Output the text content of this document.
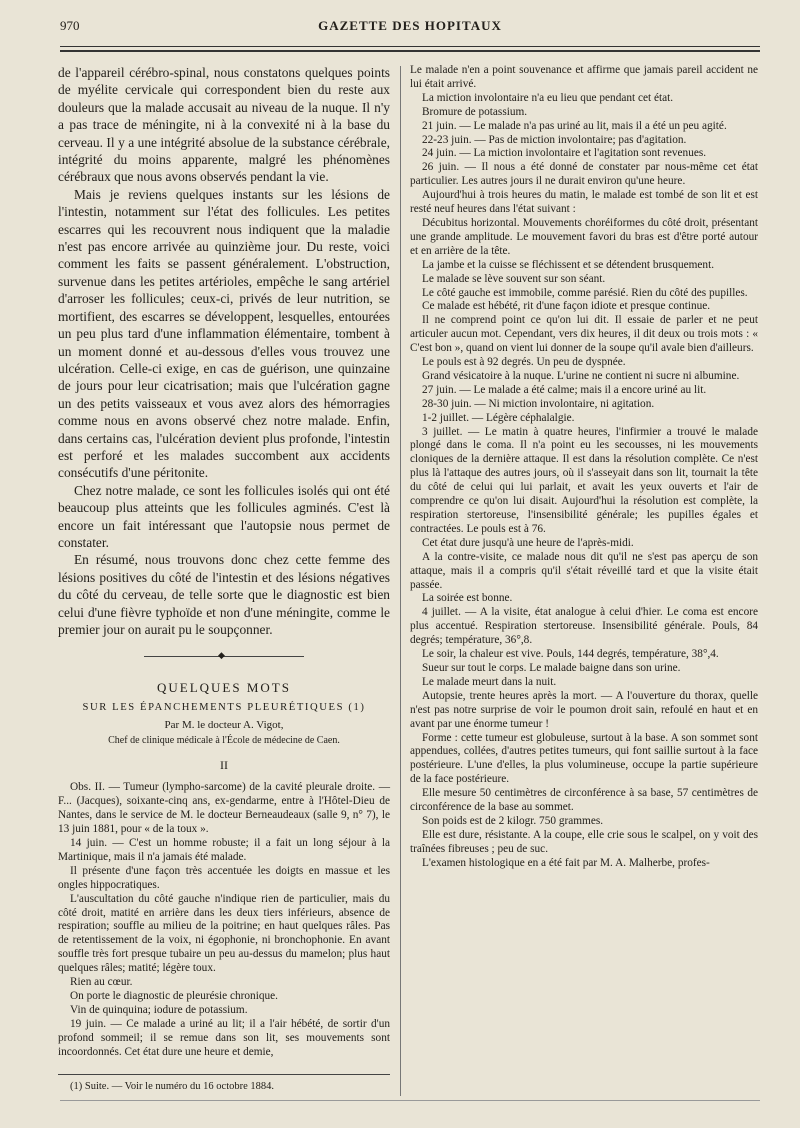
970	GAZETTE DES HOPITAUX

de l'appareil cérébro-spinal, nous constatons quelques points de myélite cervicale qui correspondent bien du reste aux douleurs que la malade accusait au niveau de la nuque. Il n'y a pas trace de méningite, ni à la convexité ni à la base du cerveau. Il y a une intégrité absolue de la substance cérébrale, intégrité du moins apparente, malgré les phénomènes cérébraux que nous avons observés pendant la vie.

Mais je reviens quelques instants sur les lésions de l'intestin, notamment sur l'état des follicules. Les petites escarres qui les recouvrent nous indiquent que la maladie n'est pas encore arrivée au quinzième jour. Du reste, voici comment les faits se passent généralement. L'obstruction, survenue dans les petites artérioles, empêche le sang artériel d'arroser les follicules; ceux-ci, privés de leur nutrition, se mortifient, des escarres se développent, lesquelles, entourées un peu plus tard d'une inflammation élémentaire, tombent à un moment donné et au-dessous d'elles vous trouvez une ulcération. Celle-ci exige, en cas de guérison, une quinzaine de jours pour leur cicatrisation; mais que l'ulcération gagne un des petits vaisseaux et vous avez alors des hémorragies comme nous en avons observé chez notre malade. Enfin, dans certains cas, l'ulcération devient plus profonde, l'intestin est perforé et les malades succombent aux accidents consécutifs d'une péritonite.

Chez notre malade, ce sont les follicules isolés qui ont été beaucoup plus atteints que les follicules agminés. C'est là encore un fait intéressant que l'autopsie nous permet de constater.

En résumé, nous trouvons donc chez cette femme des lésions positives du côté de l'intestin et des lésions négatives du côté du cerveau, de telle sorte que le diagnostic est bien celui d'une fièvre typhoïde et non d'une méningite, comme le premier jour on aurait pu le soupçonner.

◆

QUELQUES MOTS

SUR LES ÉPANCHEMENTS PLEURÉTIQUES (1)

Par M. le docteur A. Vigot,

Chef de clinique médicale à l'École de médecine de Caen.

II

Obs. II. — Tumeur (lympho-sarcome) de la cavité pleurale droite. — F... (Jacques), soixante-cinq ans, ex-gendarme, entre à l'Hôtel-Dieu de Nantes, dans le service de M. le docteur Berneaudeaux (salle 9, n° 7), le 13 juin 1881, pour « de la toux ».

14 juin. — C'est un homme robuste; il a fait un long séjour à la Martinique, mais il n'a jamais été malade.

Il présente d'une façon très accentuée les doigts en massue et les ongles hippocratiques.

L'auscultation du côté gauche n'indique rien de particulier, mais du côté droit, matité en arrière dans les deux tiers inférieurs, absence de respiration; souffle au milieu de la poitrine; en haut quelques râles. Pas de retentissement de la voix, ni égophonie, ni bronchophonie. En avant souffle très fort presque tubaire un peu au-dessus du mamelon; plus haut quelques râles; matité; légère toux.

Rien au cœur.

On porte le diagnostic de pleurésie chronique.

Vin de quinquina; iodure de potassium.

19 juin. — Ce malade a uriné au lit; il a l'air hébété, de sortir d'un profond sommeil; il se remue dans son lit, ses mouvements sont incoordonnés. Cet état dure une heure et demie,

(1) Suite. — Voir le numéro du 16 octobre 1884.

Le malade n'en a point souvenance et affirme que jamais pareil accident ne lui était arrivé.

La miction involontaire n'a eu lieu que pendant cet état.

Bromure de potassium.

21 juin. — Le malade n'a pas uriné au lit, mais il a été un peu agité.

22-23 juin. — Pas de miction involontaire; pas d'agitation.

24 juin. — La miction involontaire et l'agitation sont revenues.

26 juin. — Il nous a été donné de constater par nous-même cet état particulier. Les autres jours il ne durait environ qu'une heure.

Aujourd'hui à trois heures du matin, le malade est tombé de son lit et est resté neuf heures dans l'état suivant :

Décubitus horizontal. Mouvements choréiformes du côté droit, présentant une grande amplitude. Le mouvement favori du bras est d'être porté autour et en arrière de la tête.

La jambe et la cuisse se fléchissent et se détendent brusquement.

Le malade se lève souvent sur son séant.

Le côté gauche est immobile, comme parésié. Rien du côté des pupilles.

Ce malade est hébété, rit d'une façon idiote et presque continue.

Il ne comprend point ce qu'on lui dit. Il essaie de parler et ne peut articuler aucun mot. Cependant, vers dix heures, il dit deux ou trois mots : « C'est bon », quand on vient lui donner de la soupe qu'il avale bien d'ailleurs.

Le pouls est à 92 degrés. Un peu de dyspnée.

Grand vésicatoire à la nuque. L'urine ne contient ni sucre ni albumine.

27 juin. — Le malade a été calme; mais il a encore uriné au lit.

28-30 juin. — Ni miction involontaire, ni agitation.

1-2 juillet. — Légère céphalalgie.

3 juillet. — Le matin à quatre heures, l'infirmier a trouvé le malade plongé dans le coma. Il n'a point eu les secousses, ni les mouvements cloniques de la dernière attaque. Il est dans la résolution complète. Ce n'est plus là l'attaque des autres jours, où il s'asseyait dans son lit, tournait la tête du côté de celui qui lui parlait, et avait les yeux ouverts et l'air de comprendre ce qu'on lui disait. Aujourd'hui la résolution est complète, la respiration stertoreuse, l'insensibilité générale; les pupilles égales et contractées. Le pouls est à 76.

Cet état dure jusqu'à une heure de l'après-midi.

A la contre-visite, ce malade nous dit qu'il ne s'est pas aperçu de son attaque, mais il a compris qu'il s'était réveillé tard et que la visite était passée.

La soirée est bonne.

4 juillet. — A la visite, état analogue à celui d'hier. Le coma est encore plus accentué. Respiration stertoreuse. Insensibilité générale. Pouls, 84 degrés; température, 36°,8.

Le soir, la chaleur est vive. Pouls, 144 degrés, température, 38°,4.

Sueur sur tout le corps. Le malade baigne dans son urine.

Le malade meurt dans la nuit.

Autopsie, trente heures après la mort. — A l'ouverture du thorax, quelle n'est pas notre surprise de voir le poumon droit sain, refoulé en haut et en avant par une énorme tumeur !

Forme : cette tumeur est globuleuse, surtout à la base. A son sommet sont appendues, collées, d'autres petites tumeurs, qui font saillie surtout à la face postérieure. L'une d'elles, la plus volumineuse, occupe la partie supérieure de la face postérieure.

Elle mesure 50 centimètres de circonférence à sa base, 57 centimètres de circonférence de la base au sommet.

Son poids est de 2 kilogr. 750 grammes.

Elle est dure, résistante. A la coupe, elle crie sous le scalpel, on y voit des traînées fibreuses ; peu de suc.

L'examen histologique en a été fait par M. A. Malherbe, profes-
